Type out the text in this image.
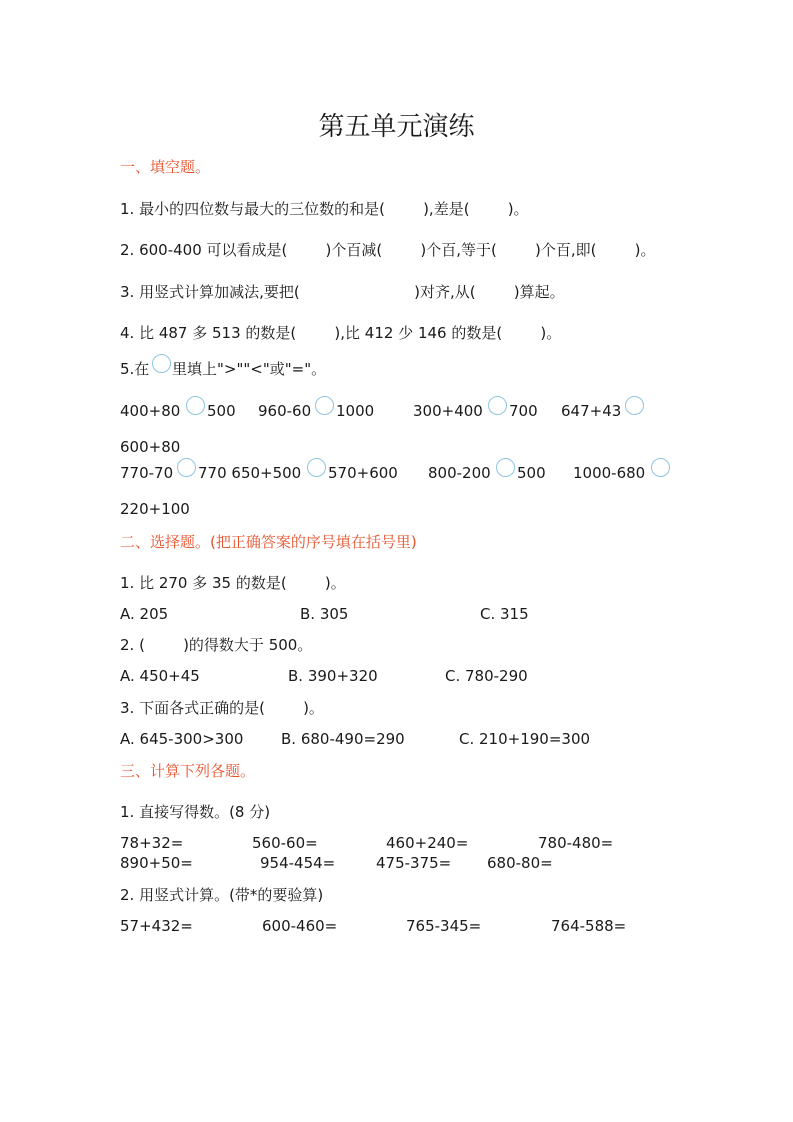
第五单元演练
一、填空题。
1. 最小的四位数与最大的三位数的和是(        ),差是(        )。
2. 600-400 可以看成是(        )个百减(        )个百,等于(        )个百,即(        )。
3. 用竖式计算加减法,要把(                        )对齐,从(        )算起。
4. 比 487 多 513 的数是(        ),比 412 少 146 的数是(        )。
5.在 里填上">""<"或"="。
400+80 500 960-60 1000	300+400 700 647+43
600+80
770-70 770 650+500 570+600 800-200 500 1000-680
220+100
二、选择题。(把正确答案的序号填在括号里)
1. 比 270 多 35 的数是(        )。
A. 205	B. 305	C. 315
2. (        )的得数大于 500。
A. 450+45	B. 390+320	C. 780-290
3. 下面各式正确的是(        )。
A. 645-300>300	B. 680-490=290	C. 210+190=300
三、计算下列各题。
1. 直接写得数。(8 分)
78+32=	560-60=	460+240=	780-480=
890+50=	954-454=	475-375= 680-80=
2. 用竖式计算。(带*的要验算)
57+432=	600-460=	765-345=	764-588=
